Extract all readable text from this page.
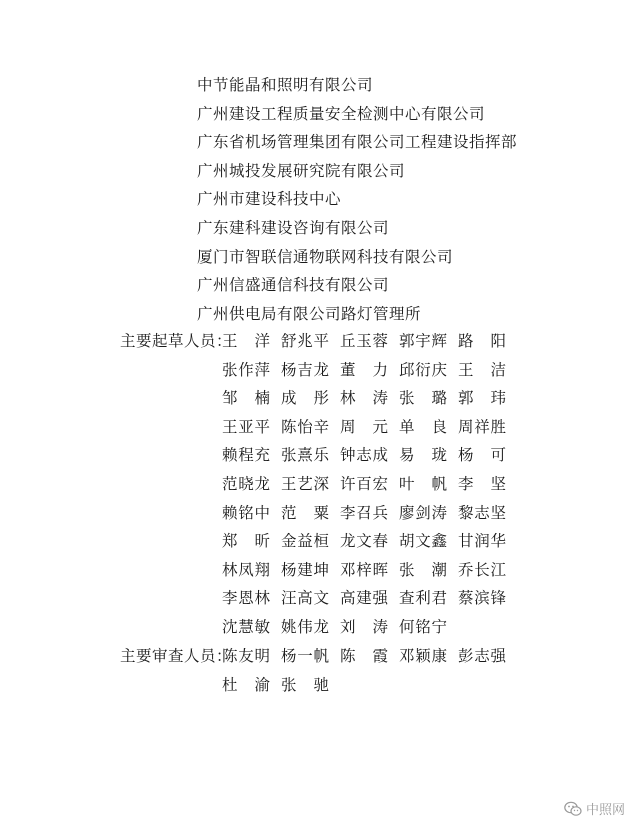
中节能晶和照明有限公司
广州建设工程质量安全检测中心有限公司
广东省机场管理集团有限公司工程建设指挥部
广州城投发展研究院有限公司
广州市建设科技中心
广东建科建设咨询有限公司
厦门市智联信通物联网科技有限公司
广州信盛通信科技有限公司
广州供电局有限公司路灯管理所
主要起草人员：
王洋 舒兆平 丘玉蓉 郭宇辉 路阳
张作萍 杨吉龙 董力 邱衍庆 王洁
邹楠 成彤 林涛 张璐 郭玮
王亚平 陈怡辛 周元 单良 周祥胜
赖程充 张熹乐 钟志成 易珑 杨可
范晓龙 王艺深 许百宏 叶帆 李坚
赖铭中 范粟 李召兵 廖剑涛 黎志坚
郑昕 金益桓 龙文春 胡文鑫 甘润华
林凤翔 杨建坤 邓梓晖 张潮 乔长江
李恩林 汪高文 高建强 查利君 蔡滨锋
沈慧敏 姚伟龙 刘涛 何铭宁
主要审查人员：
陈友明 杨一帆 陈霞 邓颖康 彭志强
杜渝 张驰
中照网
